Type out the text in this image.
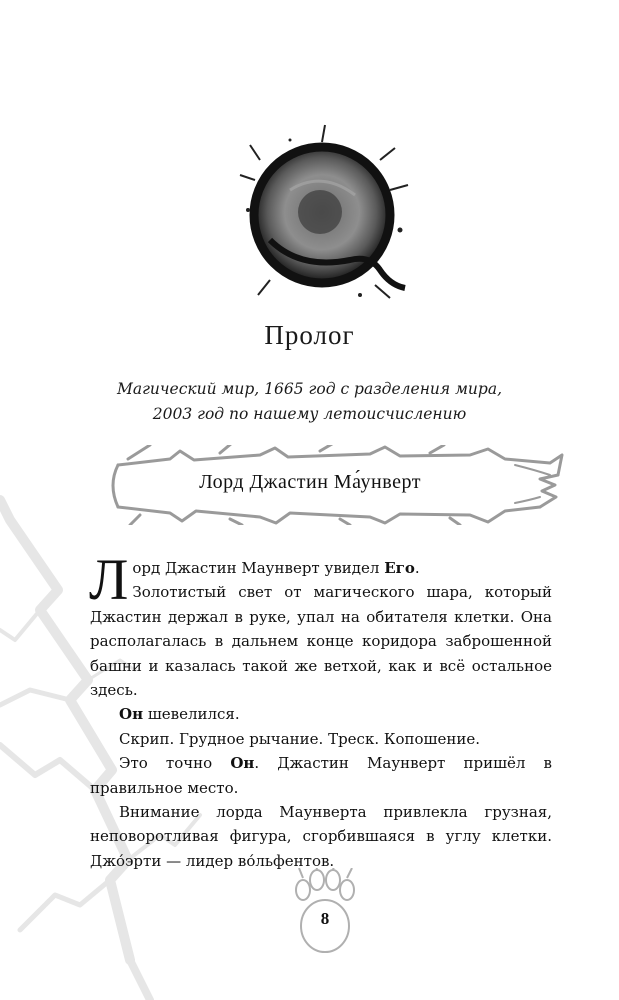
Пролог
Магический мир, 1665 год с разделения мира,
2003 год по нашему летоисчислению
Лорд Джастин Ма́унверт

Лорд Джастин Маунверт увидел Его.
Золотистый свет от магического шара, который Джастин держал в руке, упал на обитателя клетки. Она располагалась в дальнем конце коридора заброшенной башни и казалась такой же ветхой, как и всё остальное здесь.

Он шевелился.

Скрип. Грудное рычание. Треск. Копошение.

Это точно Он. Джастин Маунверт пришёл в правильное место.

Внимание лорда Маунверта привлекла грузная, неповоротливая фигура, сгорбившаяся в углу клетки. Джо́эрти — лидер во́льфентов.

8
